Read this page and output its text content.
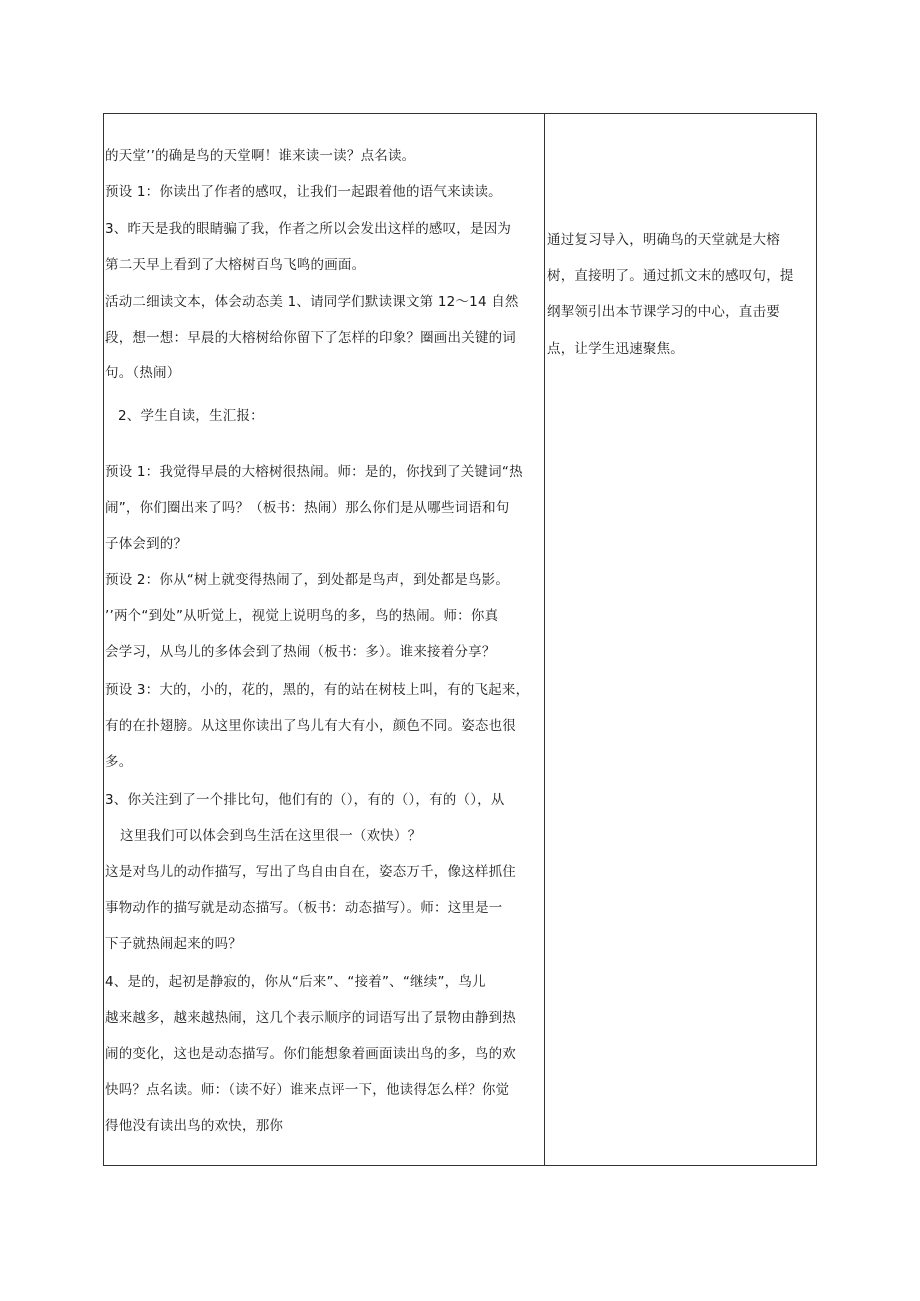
的天堂’’的确是鸟的天堂啊！谁来读一读？点名读。
预设 1：你读出了作者的感叹，让我们一起跟着他的语气来读读。
3、昨天是我的眼睛骗了我，作者之所以会发出这样的感叹，是因为
第二天早上看到了大榕树百鸟飞鸣的画面。
活动二细读文本，体会动态美 1、请同学们默读课文第 12～14 自然
段，想一想：早晨的大榕树给你留下了怎样的印象？圈画出关键的词
句。（热闹）
2、学生自读，生汇报：
预设 1：我觉得早晨的大榕树很热闹。师：是的，你找到了关键词“热
闹”，你们圈出来了吗？（板书：热闹）那么你们是从哪些词语和句
子体会到的？
预设 2：你从“树上就变得热闹了，到处都是鸟声，到处都是鸟影。
’’两个“到处”从听觉上，视觉上说明鸟的多，鸟的热闹。师：你真
会学习，从鸟儿的多体会到了热闹（板书：多）。谁来接着分享？
预设 3：大的，小的，花的，黑的，有的站在树枝上叫，有的飞起来，
有的在扑翅膀。从这里你读出了鸟儿有大有小，颜色不同。姿态也很
多。
3、你关注到了一个排比句，他们有的（），有的（），有的（），从
这里我们可以体会到鸟生活在这里很一（欢快）？
这是对鸟儿的动作描写，写出了鸟自由自在，姿态万千，像这样抓住
事物动作的描写就是动态描写。（板书：动态描写）。师：这里是一
下子就热闹起来的吗？
4、是的，起初是静寂的，你从“后来”、“接着”、“继续”，鸟儿
越来越多，越来越热闹，这几个表示顺序的词语写出了景物由静到热
闹的变化，这也是动态描写。你们能想象着画面读出鸟的多，鸟的欢
快吗？点名读。师：（读不好）谁来点评一下，他读得怎么样？你觉
得他没有读出鸟的欢快，那你
通过复习导入，明确鸟的天堂就是大榕
树，直接明了。通过抓文末的感叹句，提
纲挈领引出本节课学习的中心，直击要
点，让学生迅速聚焦。
